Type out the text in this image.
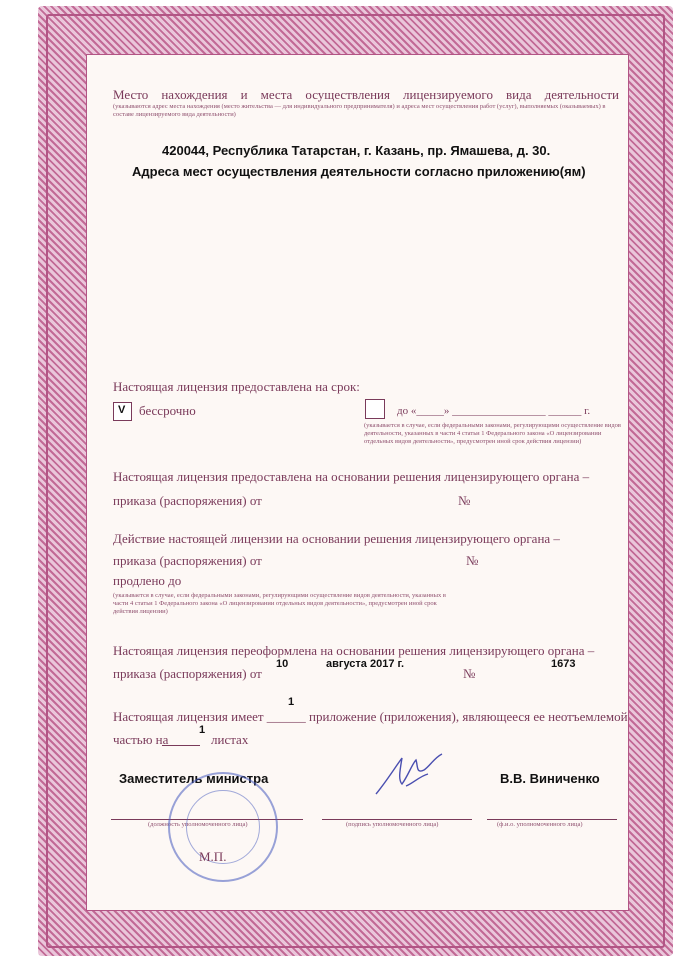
Место нахождения и места осуществления лицензируемого вида деятельности
(указываются адрес места нахождения (место жительства — для индивидуального предпринимателя) и адреса мест осуществления работ (услуг), выполняемых (оказываемых) в составе лицензируемого вида деятельности)
420044, Республика Татарстан, г. Казань, пр. Ямашева, д. 30.
Адреса мест осуществления деятельности согласно приложению(ям)
Настоящая лицензия предоставлена на срок:
V бессрочно	до «_____» _________________ ______ г.
(указывается в случае, если федеральными законами, регулирующими осуществление видов деятельности, указанных в части 4 статьи 1 Федерального закона «О лицензировании отдельных видов деятельности», предусмотрен иной срок действия лицензии)
Настоящая лицензия предоставлена на основании решения лицензирующего органа –
приказа (распоряжения) от	№
Действие настоящей лицензии на основании решения лицензирующего органа –
приказа (распоряжения) от	№
продлено до
(указывается в случае, если федеральными законами, регулирующими осуществление видов деятельности, указанных в части 4 статьи 1 Федерального закона «О лицензировании отдельных видов деятельности», предусмотрен иной срок действия лицензии)
Настоящая лицензия переоформлена на основании решения лицензирующего органа –
приказа (распоряжения) от
10	августа 2017 г.
№
1673
Настоящая лицензия имеет ______ приложение (приложения), являющееся ее неотъемлемой
1
частью на
1
листах
Заместитель министра	В.В. Виниченко
(должность уполномоченного лица)	(подпись уполномоченного лица)	(ф.и.о. уполномоченного лица)
М.П.
